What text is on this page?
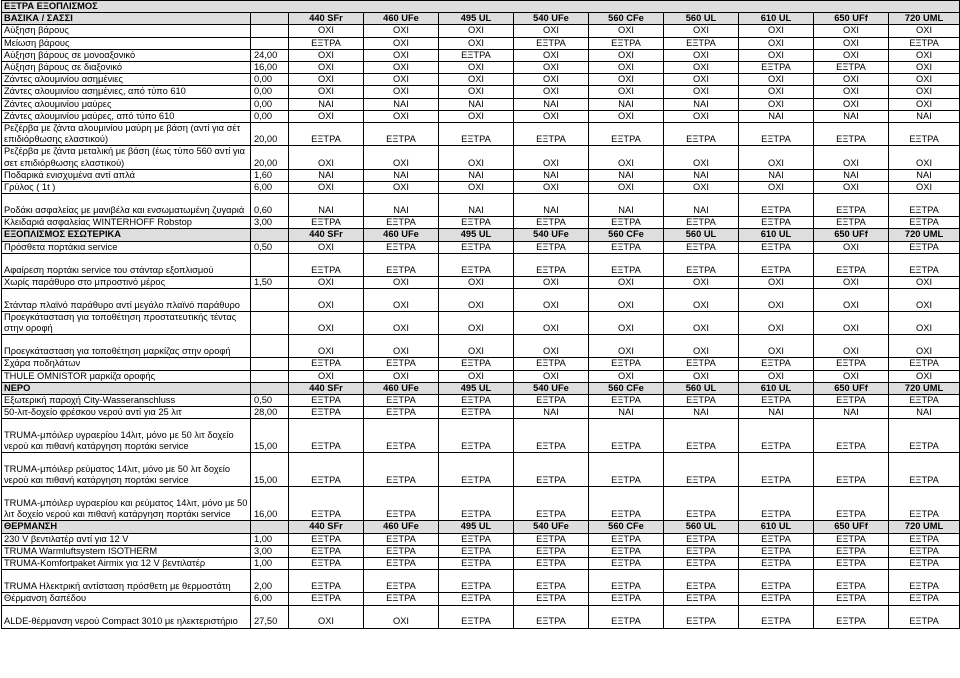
ΕΞΤΡΑ ΕΞΟΠΛΙΣΜΟΣ										
ΒΑΣΙΚΑ / ΣΑΣΣΙ		440 SFr	460 UFe	495 UL	540 UFe	560 CFe	560 UL	610 UL	650 UFf	720 UML
Αύξηση βάρους		ΟΧΙ	ΟΧΙ	ΟΧΙ	ΟΧΙ	ΟΧΙ	ΟΧΙ	ΟΧΙ	ΟΧΙ	ΟΧΙ
Μείωση βάρους		ΕΞΤΡΑ	ΟΧΙ	ΟΧΙ	ΕΞΤΡΑ	ΕΞΤΡΑ	ΕΞΤΡΑ	ΟΧΙ	ΟΧΙ	ΕΞΤΡΑ
Αύξηση βάρους σε μονοαξονικό	24,00	ΟΧΙ	ΟΧΙ	ΕΞΤΡΑ	ΟΧΙ	ΟΧΙ	ΟΧΙ	ΟΧΙ	ΟΧΙ	ΟΧΙ
Αύξηση βάρους σε διαξονικό	16,00	ΟΧΙ	ΟΧΙ	ΟΧΙ	ΟΧΙ	ΟΧΙ	ΟΧΙ	ΕΞΤΡΑ	ΕΞΤΡΑ	ΟΧΙ
Ζάντες αλουμινίου ασημένιες	0,00	ΟΧΙ	ΟΧΙ	ΟΧΙ	ΟΧΙ	ΟΧΙ	ΟΧΙ	ΟΧΙ	ΟΧΙ	ΟΧΙ
Ζάντες αλουμινίου ασημένιες, από τύπο 610	0,00	ΟΧΙ	ΟΧΙ	ΟΧΙ	ΟΧΙ	ΟΧΙ	ΟΧΙ	ΟΧΙ	ΟΧΙ	ΟΧΙ
Ζάντες αλουμινίου μαύρες	0,00	ΝΑΙ	ΝΑΙ	ΝΑΙ	ΝΑΙ	ΝΑΙ	ΝΑΙ	ΟΧΙ	ΟΧΙ	ΟΧΙ
Ζάντες αλουμινίου μαύρες, από τύπο 610	0,00	ΟΧΙ	ΟΧΙ	ΟΧΙ	ΟΧΙ	ΟΧΙ	ΟΧΙ	ΝΑΙ	ΝΑΙ	ΝΑΙ
Ρεζέρβα με ζάντα αλουμινίου μαύρη με βάση (αντί για σέτ επιδιόρθωσης ελαστικού)	20,00	ΕΞΤΡΑ	ΕΞΤΡΑ	ΕΞΤΡΑ	ΕΞΤΡΑ	ΕΞΤΡΑ	ΕΞΤΡΑ	ΕΞΤΡΑ	ΕΞΤΡΑ	ΕΞΤΡΑ
Ρεζέρβα με ζάντα μεταλική με βάση (έως τύπο 560 αντί για σετ επιδιόρθωσης ελαστικού)	20,00	ΟΧΙ	ΟΧΙ	ΟΧΙ	ΟΧΙ	ΟΧΙ	ΟΧΙ	ΟΧΙ	ΟΧΙ	ΟΧΙ
Ποδαρικά ενισχυμένα αντί απλά	1,60	ΝΑΙ	ΝΑΙ	ΝΑΙ	ΝΑΙ	ΝΑΙ	ΝΑΙ	ΝΑΙ	ΝΑΙ	ΝΑΙ
Γρύλος ( 1t )	6,00	ΟΧΙ	ΟΧΙ	ΟΧΙ	ΟΧΙ	ΟΧΙ	ΟΧΙ	ΟΧΙ	ΟΧΙ	ΟΧΙ
Ροδάκι ασφαλείας με μανιβέλα και ενσωματωμένη ζυγαριά	0,60	ΝΑΙ	ΝΑΙ	ΝΑΙ	ΝΑΙ	ΝΑΙ	ΝΑΙ	ΕΞΤΡΑ	ΕΞΤΡΑ	ΕΞΤΡΑ
Κλειδαριά ασφαλείας WINTERHOFF Robstop	3,00	ΕΞΤΡΑ	ΕΞΤΡΑ	ΕΞΤΡΑ	ΕΞΤΡΑ	ΕΞΤΡΑ	ΕΞΤΡΑ	ΕΞΤΡΑ	ΕΞΤΡΑ	ΕΞΤΡΑ
ΕΞΟΠΛΙΣΜΟΣ ΕΣΩΤΕΡΙΚΑ		440 SFr	460 UFe	495 UL	540 UFe	560 CFe	560 UL	610 UL	650 UFf	720 UML
Πρόσθετα πορτάκια service	0,50	ΟΧΙ	ΕΞΤΡΑ	ΕΞΤΡΑ	ΕΞΤΡΑ	ΕΞΤΡΑ	ΕΞΤΡΑ	ΕΞΤΡΑ	ΟΧΙ	ΕΞΤΡΑ
Αφαίρεση πορτάκι service του στάνταρ εξοπλισμού		ΕΞΤΡΑ	ΕΞΤΡΑ	ΕΞΤΡΑ	ΕΞΤΡΑ	ΕΞΤΡΑ	ΕΞΤΡΑ	ΕΞΤΡΑ	ΕΞΤΡΑ	ΕΞΤΡΑ
Χωρίς παράθυρο στο μπροστινό μέρος	1,50	ΟΧΙ	ΟΧΙ	ΟΧΙ	ΟΧΙ	ΟΧΙ	ΟΧΙ	ΟΧΙ	ΟΧΙ	ΟΧΙ
Στάνταρ πλαϊνό παράθυρο αντί μεγάλο πλαϊνό παράθυρο		ΟΧΙ	ΟΧΙ	ΟΧΙ	ΟΧΙ	ΟΧΙ	ΟΧΙ	ΟΧΙ	ΟΧΙ	ΟΧΙ
Προεγκάτασταση για τοποθέτηση προστατευτικής τέντας στην οροφή		ΟΧΙ	ΟΧΙ	ΟΧΙ	ΟΧΙ	ΟΧΙ	ΟΧΙ	ΟΧΙ	ΟΧΙ	ΟΧΙ
Προεγκάτασταση για τοποθέτηση μαρκίζας στην οροφή		ΟΧΙ	ΟΧΙ	ΟΧΙ	ΟΧΙ	ΟΧΙ	ΟΧΙ	ΟΧΙ	ΟΧΙ	ΟΧΙ
Σχάρα ποδηλάτων		ΕΞΤΡΑ	ΕΞΤΡΑ	ΕΞΤΡΑ	ΕΞΤΡΑ	ΕΞΤΡΑ	ΕΞΤΡΑ	ΕΞΤΡΑ	ΕΞΤΡΑ	ΕΞΤΡΑ
THULE OMNISTOR μαρκίζα οροφής		ΟΧΙ	ΟΧΙ	ΟΧΙ	ΟΧΙ	ΟΧΙ	ΟΧΙ	ΟΧΙ	ΟΧΙ	ΟΧΙ
ΝΕΡΟ		440 SFr	460 UFe	495 UL	540 UFe	560 CFe	560 UL	610 UL	650 UFf	720 UML
Εξωτερική παροχή City-Wasseranschluss	0,50	ΕΞΤΡΑ	ΕΞΤΡΑ	ΕΞΤΡΑ	ΕΞΤΡΑ	ΕΞΤΡΑ	ΕΞΤΡΑ	ΕΞΤΡΑ	ΕΞΤΡΑ	ΕΞΤΡΑ
50-λιτ-δοχείο φρέσκου νερού αντί για 25 λιτ	28,00	ΕΞΤΡΑ	ΕΞΤΡΑ	ΕΞΤΡΑ	ΝΑΙ	ΝΑΙ	ΝΑΙ	ΝΑΙ	ΝΑΙ	ΝΑΙ
TRUMA-μπόιλερ υγραερίου 14λιτ, μόνο με 50 λιτ δοχείο νερού και πιθανή κατάργηση πορτάκι service	15,00	ΕΞΤΡΑ	ΕΞΤΡΑ	ΕΞΤΡΑ	ΕΞΤΡΑ	ΕΞΤΡΑ	ΕΞΤΡΑ	ΕΞΤΡΑ	ΕΞΤΡΑ	ΕΞΤΡΑ
TRUMA-μπόιλερ ρεύματος 14λιτ, μόνο με 50 λιτ δοχείο νερού και πιθανή κατάργηση πορτάκι service	15,00	ΕΞΤΡΑ	ΕΞΤΡΑ	ΕΞΤΡΑ	ΕΞΤΡΑ	ΕΞΤΡΑ	ΕΞΤΡΑ	ΕΞΤΡΑ	ΕΞΤΡΑ	ΕΞΤΡΑ
TRUMA-μπόιλερ υγραερίου και ρεύματος 14λιτ, μόνο με 50 λιτ δοχείο νερού και πιθανή κατάργηση πορτάκι service	16,00	ΕΞΤΡΑ	ΕΞΤΡΑ	ΕΞΤΡΑ	ΕΞΤΡΑ	ΕΞΤΡΑ	ΕΞΤΡΑ	ΕΞΤΡΑ	ΕΞΤΡΑ	ΕΞΤΡΑ
ΘΕΡΜΑΝΣΗ		440 SFr	460 UFe	495 UL	540 UFe	560 CFe	560 UL	610 UL	650 UFf	720 UML
230 V βεντιλατέρ αντί για 12 V	1,00	ΕΞΤΡΑ	ΕΞΤΡΑ	ΕΞΤΡΑ	ΕΞΤΡΑ	ΕΞΤΡΑ	ΕΞΤΡΑ	ΕΞΤΡΑ	ΕΞΤΡΑ	ΕΞΤΡΑ
TRUMA Warmluftsystem ISOTHERM	3,00	ΕΞΤΡΑ	ΕΞΤΡΑ	ΕΞΤΡΑ	ΕΞΤΡΑ	ΕΞΤΡΑ	ΕΞΤΡΑ	ΕΞΤΡΑ	ΕΞΤΡΑ	ΕΞΤΡΑ
TRUMA-Komfortpaket Airmix για 12 V βεντιλατέρ	1,00	ΕΞΤΡΑ	ΕΞΤΡΑ	ΕΞΤΡΑ	ΕΞΤΡΑ	ΕΞΤΡΑ	ΕΞΤΡΑ	ΕΞΤΡΑ	ΕΞΤΡΑ	ΕΞΤΡΑ
TRUMA Ηλεκτρική αντίσταση πρόσθετη με θερμοστάτη	2,00	ΕΞΤΡΑ	ΕΞΤΡΑ	ΕΞΤΡΑ	ΕΞΤΡΑ	ΕΞΤΡΑ	ΕΞΤΡΑ	ΕΞΤΡΑ	ΕΞΤΡΑ	ΕΞΤΡΑ
Θέρμανση δαπέδου	6,00	ΕΞΤΡΑ	ΕΞΤΡΑ	ΕΞΤΡΑ	ΕΞΤΡΑ	ΕΞΤΡΑ	ΕΞΤΡΑ	ΕΞΤΡΑ	ΕΞΤΡΑ	ΕΞΤΡΑ
ALDE-θέρμανση νερού Compact 3010 με ηλεκτεριστήριο	27,50	ΟΧΙ	ΟΧΙ	ΕΞΤΡΑ	ΕΞΤΡΑ	ΕΞΤΡΑ	ΕΞΤΡΑ	ΕΞΤΡΑ	ΕΞΤΡΑ	ΕΞΤΡΑ
